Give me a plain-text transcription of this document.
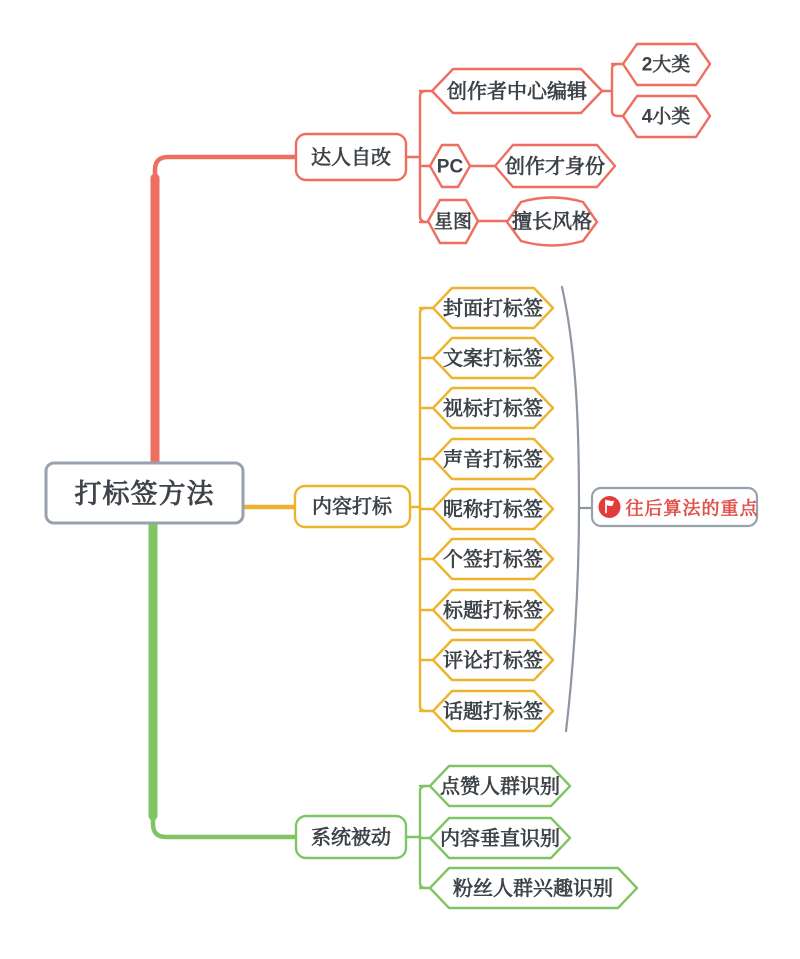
打标签方法
达人自改
创作者中心编辑
2大类
4小类
PC 创作才身份
星图 擅长风格
内容打标
封面打标签
文案打标签
视标打标签
声音打标签
昵称打标签
个签打标签
标题打标签
评论打标签
话题打标签
往后算法的重点
系统被动
点赞人群识别
内容垂直识别
粉丝人群兴趣识别
